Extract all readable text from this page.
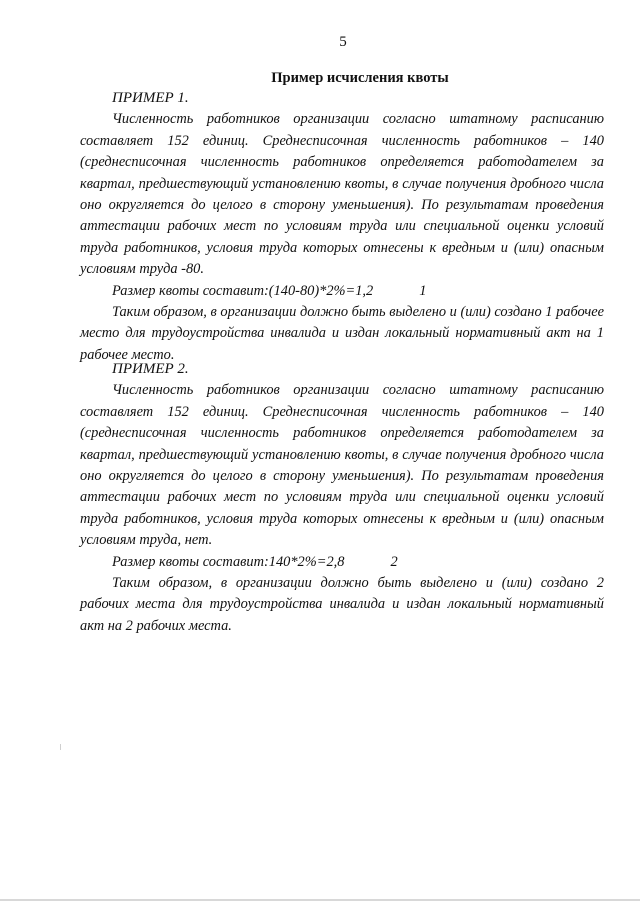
5
Пример исчисления квоты
ПРИМЕР 1.

Численность работников организации согласно штатному расписанию составляет 152 единиц. Среднесписочная численность работников – 140 (среднесписочная численность работников определяется работодателем за квартал, предшествующий установлению квоты, в случае получения дробного числа оно округляется до целого в сторону уменьшения). По результатам проведения аттестации рабочих мест по условиям труда или специальной оценки условий труда работников, условия труда которых отнесены к вредным и (или) опасным условиям труда -80.

Размер квоты составит:(140-80)*2%=1,2	1

Таким образом, в организации должно быть выделено и (или) создано 1 рабочее место для трудоустройства инвалида и издан локальный нормативный акт на 1 рабочее место.

ПРИМЕР 2.

Численность работников организации согласно штатному расписанию составляет 152 единиц. Среднесписочная численность работников – 140 (среднесписочная численность работников определяется работодателем за квартал, предшествующий установлению квоты, в случае получения дробного числа оно округляется до целого в сторону уменьшения). По результатам проведения аттестации рабочих мест по условиям труда или специальной оценки условий труда работников, условия труда которых отнесены к вредным и (или) опасным условиям труда, нет.

Размер квоты составит:140*2%=2,8	2

Таким образом, в организации должно быть выделено и (или) создано 2 рабочих места для трудоустройства инвалида и издан локальный нормативный акт на 2 рабочих места.
